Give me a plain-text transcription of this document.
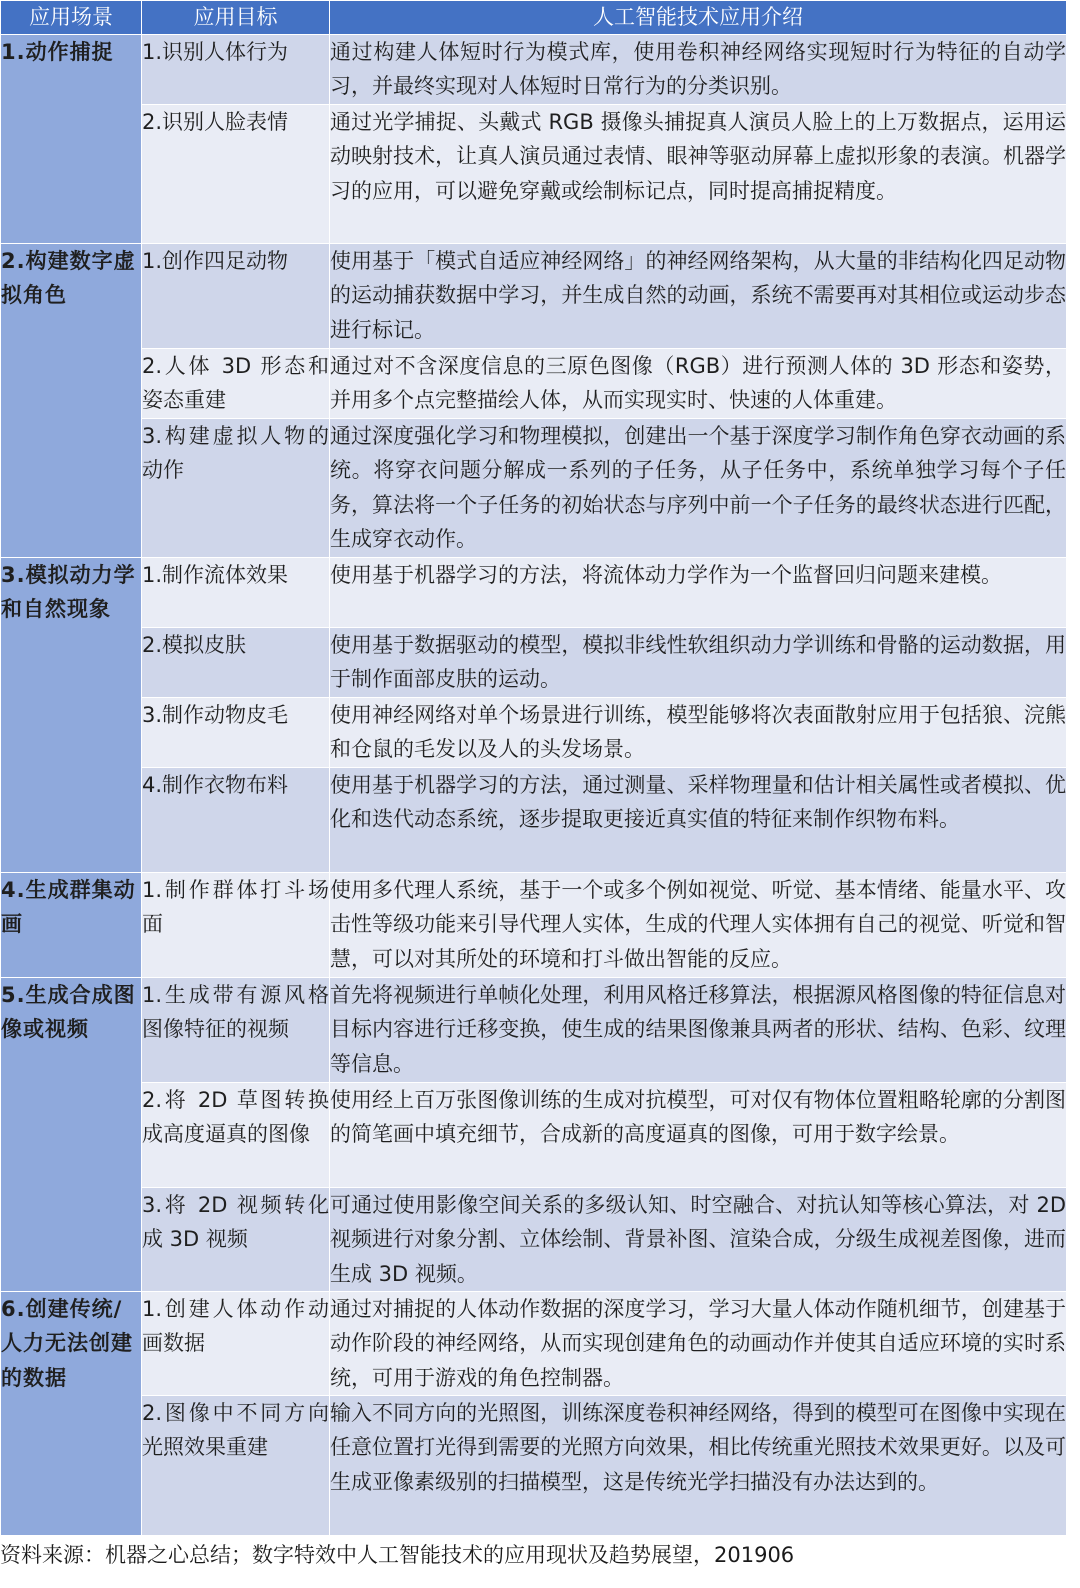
应用场景	应用目标	人工智能技术应用介绍
1.动作捕捉	1.识别人体行为	通过构建人体短时行为模式库，使用卷积神经网络实现短时行为特征的自动学习，并最终实现对人体短时日常行为的分类识别。
	2.识别人脸表情	通过光学捕捉、头戴式 RGB 摄像头捕捉真人演员人脸上的上万数据点，运用运动映射技术，让真人演员通过表情、眼神等驱动屏幕上虚拟形象的表演。机器学习的应用，可以避免穿戴或绘制标记点，同时提高捕捉精度。
2.构建数字虚拟角色	1.创作四足动物	使用基于「模式自适应神经网络」的神经网络架构，从大量的非结构化四足动物的运动捕获数据中学习，并生成自然的动画，系统不需要再对其相位或运动步态进行标记。
	2.人体 3D 形态和姿态重建	通过对不含深度信息的三原色图像（RGB）进行预测人体的 3D 形态和姿势，并用多个点完整描绘人体，从而实现实时、快速的人体重建。
	3.构建虚拟人物的动作	通过深度强化学习和物理模拟，创建出一个基于深度学习制作角色穿衣动画的系统。将穿衣问题分解成一系列的子任务，从子任务中，系统单独学习每个子任务，算法将一个子任务的初始状态与序列中前一个子任务的最终状态进行匹配，生成穿衣动作。
3.模拟动力学和自然现象	1.制作流体效果	使用基于机器学习的方法，将流体动力学作为一个监督回归问题来建模。
	2.模拟皮肤	使用基于数据驱动的模型，模拟非线性软组织动力学训练和骨骼的运动数据，用于制作面部皮肤的运动。
	3.制作动物皮毛	使用神经网络对单个场景进行训练，模型能够将次表面散射应用于包括狼、浣熊和仓鼠的毛发以及人的头发场景。
	4.制作衣物布料	使用基于机器学习的方法，通过测量、采样物理量和估计相关属性或者模拟、优化和迭代动态系统，逐步提取更接近真实值的特征来制作织物布料。
4.生成群集动画	1.制作群体打斗场面	使用多代理人系统，基于一个或多个例如视觉、听觉、基本情绪、能量水平、攻击性等级功能来引导代理人实体，生成的代理人实体拥有自己的视觉、听觉和智慧，可以对其所处的环境和打斗做出智能的反应。
5.生成合成图像或视频	1.生成带有源风格图像特征的视频	首先将视频进行单帧化处理，利用风格迁移算法，根据源风格图像的特征信息对目标内容进行迁移变换，使生成的结果图像兼具两者的形状、结构、色彩、纹理等信息。
	2.将 2D 草图转换成高度逼真的图像	使用经上百万张图像训练的生成对抗模型，可对仅有物体位置粗略轮廓的分割图的简笔画中填充细节，合成新的高度逼真的图像，可用于数字绘景。
	3.将 2D 视频转化成 3D 视频	可通过使用影像空间关系的多级认知、时空融合、对抗认知等核心算法，对 2D 视频进行对象分割、立体绘制、背景补图、渲染合成，分级生成视差图像，进而生成 3D 视频。
6.创建传统/人力无法创建的数据	1.创建人体动作动画数据	通过对捕捉的人体动作数据的深度学习，学习大量人体动作随机细节，创建基于动作阶段的神经网络，从而实现创建角色的动画动作并使其自适应环境的实时系统，可用于游戏的角色控制器。
	2.图像中不同方向光照效果重建	输入不同方向的光照图，训练深度卷积神经网络，得到的模型可在图像中实现在任意位置打光得到需要的光照方向效果，相比传统重光照技术效果更好。以及可生成亚像素级别的扫描模型，这是传统光学扫描没有办法达到的。
资料来源：机器之心总结；数字特效中人工智能技术的应用现状及趋势展望，201906
